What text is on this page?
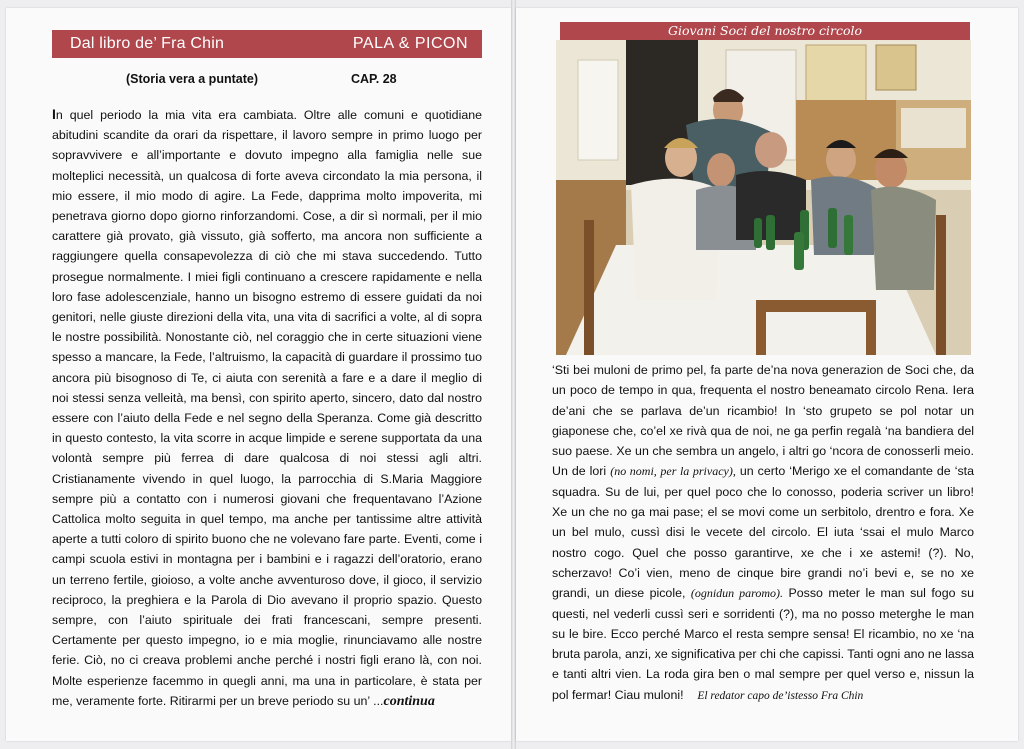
Dal libro de’ Fra Chin	PALA & PICON
(Storia vera a puntate)	CAP. 28
In quel periodo la mia vita era cambiata. Oltre alle comuni e quotidiane abitudini scandite da orari da rispettare, il lavoro sempre in primo luogo per sopravvivere e all’importante e dovuto impegno alla famiglia nelle sue molteplici necessità, un qualcosa di forte aveva circondato la mia persona, il mio essere, il mio modo di agire. La Fede, dapprima molto impoverita, mi penetrava giorno dopo giorno rinforzandomi. Cose, a dir sì normali, per il mio carattere già provato, già vissuto, già sofferto, ma ancora non sufficiente a raggiungere quella consapevolezza di ciò che mi stava succedendo. Tutto prosegue normalmente. I miei figli continuano a crescere rapidamente e nella loro fase adolescenziale, hanno un bisogno estremo di essere guidati da noi genitori, nelle giuste direzioni della vita, una vita di sacrifici a volte, al di sopra le nostre possibilità. Nonostante ciò, nel coraggio che in certe situazioni viene spesso a mancare, la Fede, l’altruismo, la capacità di guardare il prossimo tuo ancora più bisognoso di Te, ci aiuta con serenità a fare e a dare il meglio di noi stessi senza velleità, ma bensì, con spirito aperto, sincero, dato dal nostro essere con l’aiuto della Fede e nel segno della Speranza. Come già descritto in questo contesto, la vita scorre in acque limpide e serene supportata da una volontà sempre più ferrea di dare qualcosa di noi stessi agli altri. Cristianamente vivendo in quel luogo, la parrocchia di S.Maria Maggiore sempre più a contatto con i numerosi giovani che frequentavano l’Azione Cattolica molto seguita in quel tempo, ma anche per tantissime altre attività aperte a tutti coloro di spirito buono che ne volevano fare parte. Eventi, come i campi scuola estivi in montagna per i bambini e i ragazzi dell’oratorio, erano un terreno fertile, gioioso, a volte anche avventuroso dove, il gioco, il servizio reciproco, la preghiera e la Parola di Dio avevano il proprio spazio. Questo sempre, con l’aiuto spirituale dei frati francescani, sempre presenti. Certamente per questo impegno, io e mia moglie, rinunciavamo alle nostre ferie. Ciò, no ci creava problemi anche perché i nostri figli erano là, con noi. Molte esperienze facemmo in quegli anni, ma una in particolare, è stata per me, veramente forte. Ritirarmi per un breve periodo su un’ ...continua
Giovani Soci del nostro circolo
‘Sti bei muloni de primo pel, fa parte de’na nova generazion de Soci che, da un poco de tempo in qua, frequenta el nostro beneamato circolo Rena. Iera de’ani che se parlava de’un ricambio! In ‘sto grupeto se pol notar un giaponese che, co’el xe rivà qua de noi, ne ga perfin regalà ‘na bandiera del suo paese. Xe un che sembra un angelo, i altri go ‘ncora de conosserli meio. Un de lori (no nomi, per la privacy), un certo ‘Merigo xe el comandante de ‘sta squadra. Su de lui, per quel poco che lo conosso, poderia scriver un libro! Xe un che no ga mai pase; el se movi come un serbitolo, drentro e fora. Xe un bel mulo, cussì disi le vecete del circolo. El iuta ‘ssai el mulo Marco nostro cogo. Quel che posso garantirve, xe che i xe astemi! (?). No, scherzavo! Co’i vien, meno de cinque bire grandi no’i bevi e, se no xe grandi, un diese picole, (ognidun paromo). Posso meter le man sul fogo su questi, nel vederli cussì seri e sorridenti (?), ma no posso meterghe le man su le bire. Ecco perché Marco el resta sempre sensa! El ricambio, no xe ‘na bruta parola, anzi, xe significativa per chi che capissi. Tanti ogni ano ne lassa e tanti altri vien. La roda gira ben o mal sempre per quel verso e, nissun la pol fermar! Ciau muloni! El redator capo de’istesso Fra Chin
